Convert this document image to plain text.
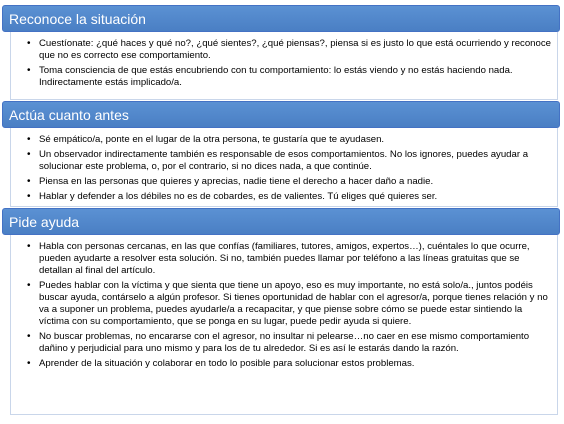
Reconoce la situación
• Cuestíonate: ¿qué haces y qué no?, ¿qué sientes?, ¿qué piensas?, piensa si es justo lo que está ocurriendo y reconoce que no es correcto ese comportamiento.
• Toma consciencia de que estás encubriendo con tu comportamiento: lo estás viendo y no estás haciendo nada. Indirectamente estás implicado/a.
Actúa cuanto antes
• Sé empático/a, ponte en el lugar de la otra persona, te gustaría que te ayudasen.
• Un observador indirectamente también es responsable de esos comportamientos. No los ignores, puedes ayudar a solucionar este problema, o, por el contrario, si no dices nada, a que continúe.
• Piensa en las personas que quieres y aprecias, nadie tiene el derecho a hacer daño a nadie.
• Hablar y defender a los débiles no es de cobardes, es de valientes. Tú eliges qué quieres ser.
Pide ayuda
• Habla con personas cercanas, en las que confías (familiares, tutores, amigos, expertos…), cuéntales lo que ocurre, pueden ayudarte a resolver esta solución. Si no, también puedes llamar por teléfono a las líneas gratuitas que se detallan al final del artículo.
• Puedes hablar con la víctima y que sienta que tiene un apoyo, eso es muy importante, no está solo/a., juntos podéis buscar ayuda, contárselo a algún profesor. Si tienes oportunidad de hablar con el agresor/a, porque tienes relación y no va a suponer un problema, puedes ayudarle/a a recapacitar, y que piense sobre cómo se puede estar sintiendo la víctima con su comportamiento, que se ponga en su lugar, puede pedir ayuda si quiere.
• No buscar problemas, no encararse con el agresor, no insultar ni pelearse…no caer en ese mismo comportamiento dañino y perjudicial para uno mismo y para los de tu alrededor. Si es así le estarás dando la razón.
• Aprender de la situación y colaborar en todo lo posible para solucionar estos problemas.
